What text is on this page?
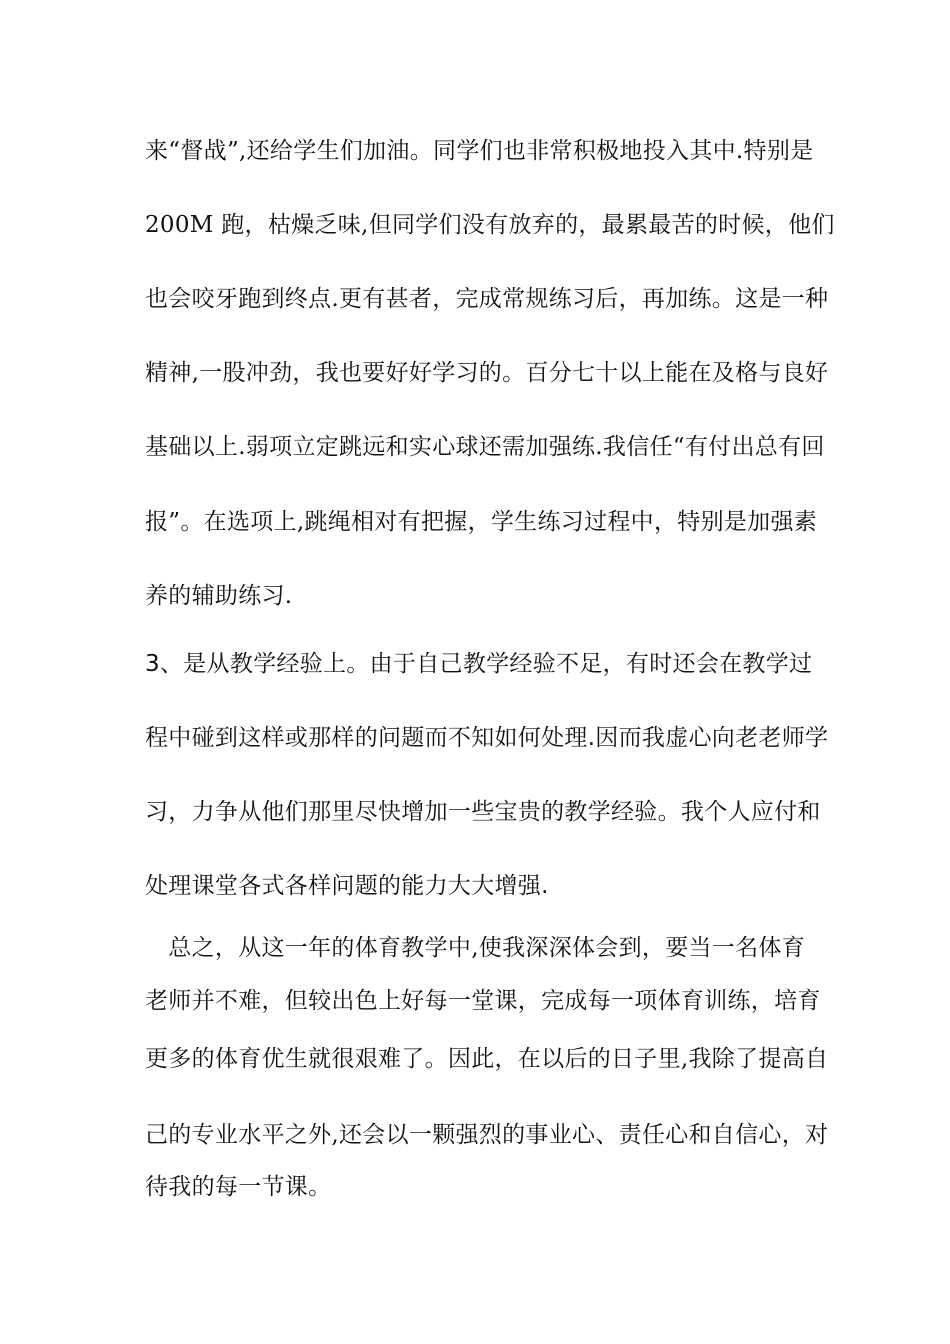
来“督战”,还给学生们加油。同学们也非常积极地投入其中.特别是
200M 跑，枯燥乏味,但同学们没有放弃的，最累最苦的时候，他们
也会咬牙跑到终点.更有甚者，完成常规练习后，再加练。这是一种
精神,一股冲劲，我也要好好学习的。百分七十以上能在及格与良好
基础以上.弱项立定跳远和实心球还需加强练.我信任“有付出总有回
报”。在选项上,跳绳相对有把握，学生练习过程中，特别是加强素
养的辅助练习.
3、是从教学经验上。由于自己教学经验不足，有时还会在教学过
程中碰到这样或那样的问题而不知如何处理.因而我虚心向老老师学
习，力争从他们那里尽快增加一些宝贵的教学经验。我个人应付和
处理课堂各式各样问题的能力大大增强.
　总之，从这一年的体育教学中,使我深深体会到，要当一名体育
老师并不难，但较出色上好每一堂课，完成每一项体育训练，培育
更多的体育优生就很艰难了。因此，在以后的日子里,我除了提高自
己的专业水平之外,还会以一颗强烈的事业心、责任心和自信心，对
待我的每一节课。
